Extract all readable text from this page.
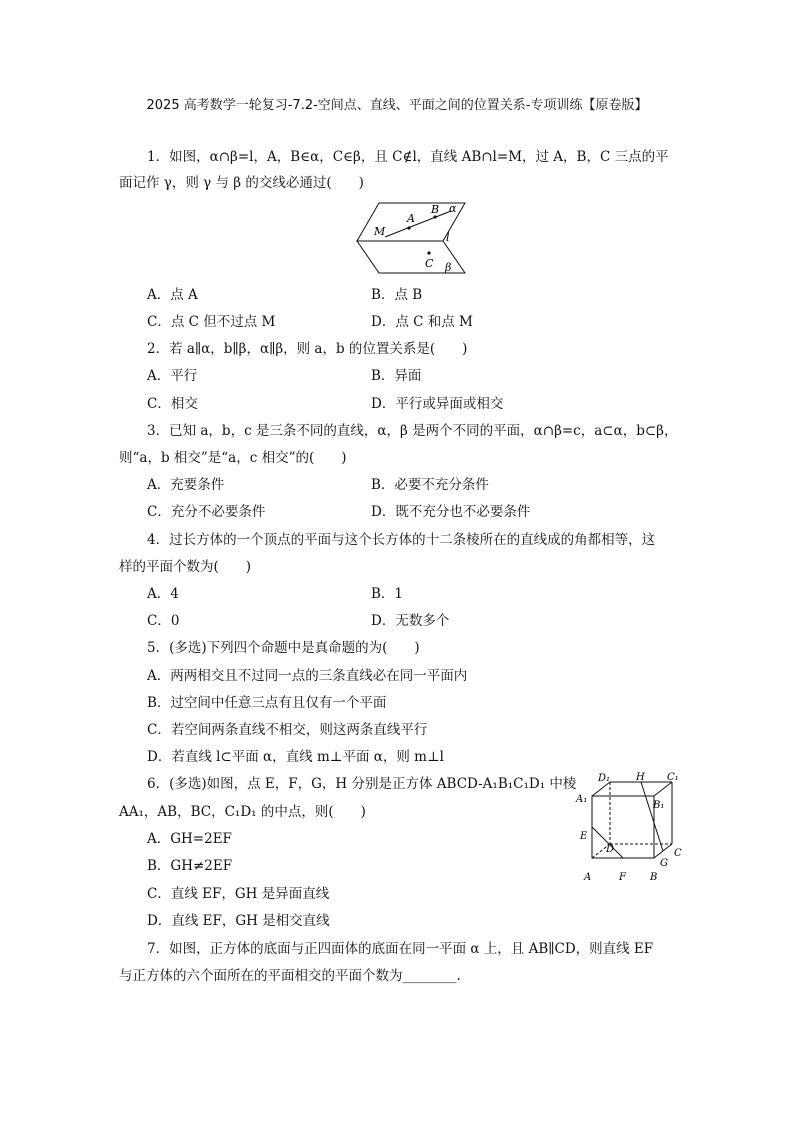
2025 高考数学一轮复习-7.2-空间点、直线、平面之间的位置关系-专项训练【原卷版】
1．如图，α∩β=l，A，B∈α，C∈β，且 C∉l，直线 AB∩l=M，过 A，B，C 三点的平
面记作 γ，则 γ 与 β 的交线必通过(　　)
A
B α
M	l
C β
A．点 A	B．点 B
C．点 C 但不过点 M	D．点 C 和点 M
2．若 a∥α，b∥β，α∥β，则 a，b 的位置关系是(　　)
A．平行	B．异面
C．相交	D．平行或异面或相交
3．已知 a，b，c 是三条不同的直线，α，β 是两个不同的平面，α∩β=c，a⊂α，b⊂β，
则“a，b 相交”是“a，c 相交”的(　　)
A．充要条件	B．必要不充分条件
C．充分不必要条件	D．既不充分也不必要条件
4．过长方体的一个顶点的平面与这个长方体的十二条棱所在的直线成的角都相等，这
样的平面个数为(　　)
A．4	B．1
C．0	D．无数多个
5．(多选)下列四个命题中是真命题的为(　　)
A．两两相交且不过同一点的三条直线必在同一平面内
B．过空间中任意三点有且仅有一个平面
C．若空间两条直线不相交，则这两条直线平行
D．若直线 l⊂平面 α，直线 m⊥平面 α，则 m⊥l
6．(多选)如图，点 E，F，G，H 分别是正方体 ABCD-A₁B₁C₁D₁ 中棱
AA₁，AB，BC，C₁D₁ 的中点，则(　　)
A．GH=2EF
B．GH≠2EF
C．直线 EF，GH 是异面直线
D．直线 EF，GH 是相交直线
D₁	H C₁
A₁
B₁
E
D	C
G
A	F B
7．如图，正方体的底面与正四面体的底面在同一平面 α 上，且 AB∥CD，则直线 EF
与正方体的六个面所在的平面相交的平面个数为________.
